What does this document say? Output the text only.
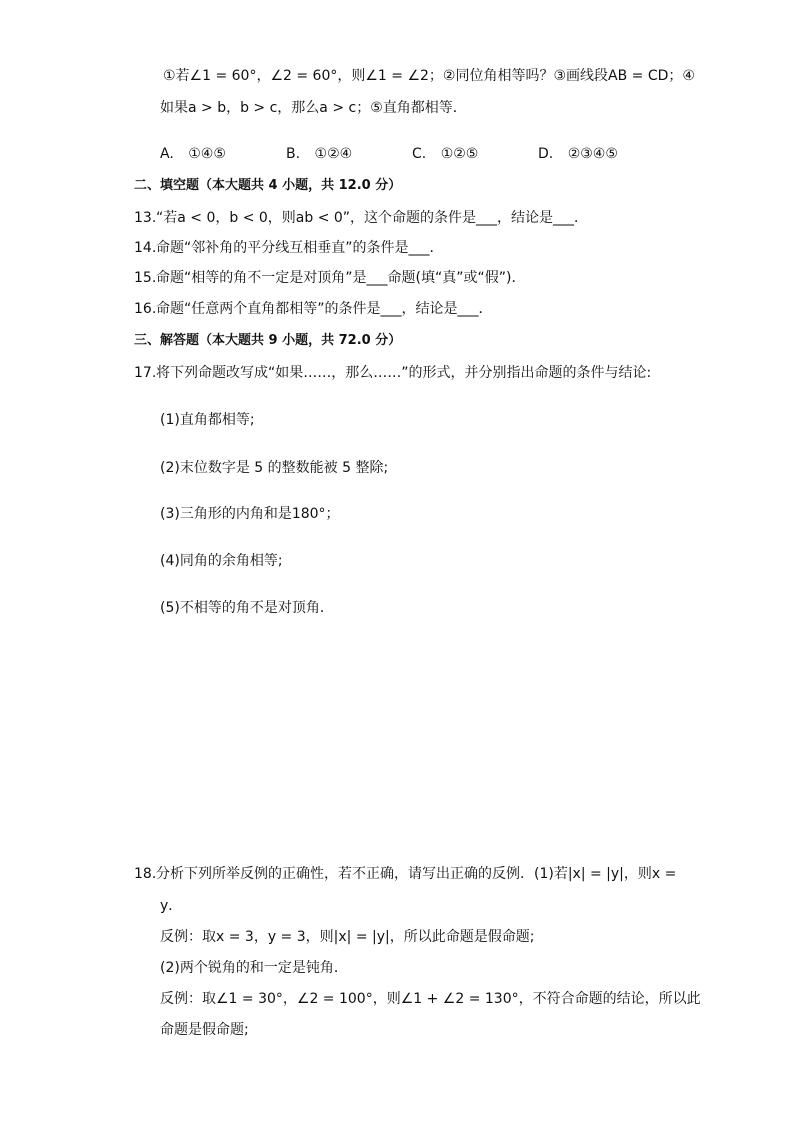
①若∠1 = 60°，∠2 = 60°，则∠1 = ∠2；②同位角相等吗？③画线段AB = CD；④
如果a > b，b > c，那么a > c；⑤直角都相等．
A. ①④⑤	B. ①②④	C. ①②⑤	D. ②③④⑤
二、填空题（本大题共 4 小题，共 12.0 分）
13.“若a < 0，b < 0，则ab < 0”，这个命题的条件是___，结论是___．
14.命题“邻补角的平分线互相垂直”的条件是___．
15.命题“相等的角不一定是对顶角”是___命题(填“真”或“假”)．
16.命题“任意两个直角都相等”的条件是___，结论是___．
三、解答题（本大题共 9 小题，共 72.0 分）
17.将下列命题改写成“如果……，那么……”的形式，并分别指出命题的条件与结论:
(1)直角都相等;
(2)末位数字是 5 的整数能被 5 整除;
(3)三角形的内角和是180°；
(4)同角的余角相等;
(5)不相等的角不是对顶角．
18.分析下列所举反例的正确性，若不正确，请写出正确的反例．(1)若|x| = |y|，则x =
y．
反例：取x = 3，y = 3，则|x| = |y|，所以此命题是假命题;
(2)两个锐角的和一定是钝角．
反例：取∠1 = 30°，∠2 = 100°，则∠1 + ∠2 = 130°，不符合命题的结论，所以此
命题是假命题;
